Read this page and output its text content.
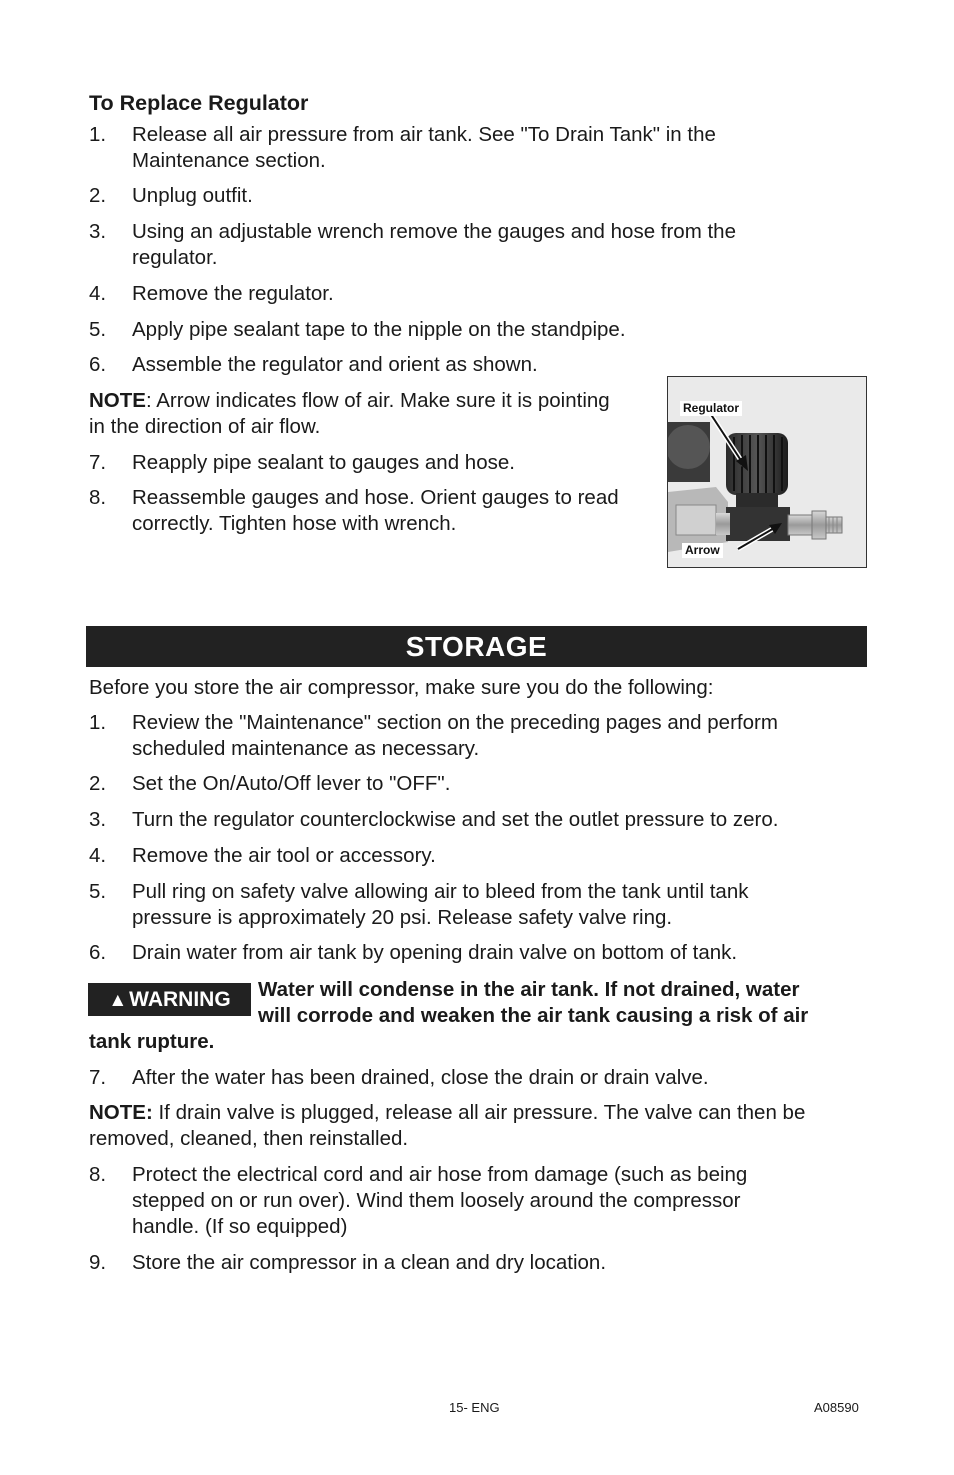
To Replace Regulator
1. Release all air pressure from air tank. See "To Drain Tank" in the
Maintenance section.
2. Unplug outfit.
3. Using an adjustable wrench remove the gauges and hose from the
regulator.
4. Remove the regulator.
5. Apply pipe sealant tape to the nipple on the standpipe.
6. Assemble the regulator and orient as shown.
NOTE: Arrow indicates flow of air. Make sure it is pointing
in the direction of air flow.
7. Reapply pipe sealant to gauges and hose.
8. Reassemble gauges and hose. Orient gauges to read
correctly. Tighten hose with wrench.
Regulator
Arrow
STORAGE
Before you store the air compressor, make sure you do the following:
1. Review the "Maintenance" section on the preceding pages and perform
scheduled maintenance as necessary.
2. Set the On/Auto/Off lever to "OFF".
3. Turn the regulator counterclockwise and set the outlet pressure to zero.
4. Remove the air tool or accessory.
5. Pull ring on safety valve allowing air to bleed from the tank until tank
pressure is approximately 20 psi. Release safety valve ring.
6. Drain water from air tank by opening drain valve on bottom of tank.
▲WARNING	Water will condense in the air tank. If not drained, water
will corrode and weaken the air tank causing a risk of air
tank rupture.
7. After the water has been drained, close the drain or drain valve.
NOTE: If drain valve is plugged, release all air pressure. The valve can then be
removed, cleaned, then reinstalled.
8. Protect the electrical cord and air hose from damage (such as being
stepped on or run over). Wind them loosely around the compressor
handle. (If so equipped)
9. Store the air compressor in a clean and dry location.
15- ENG	A08590
